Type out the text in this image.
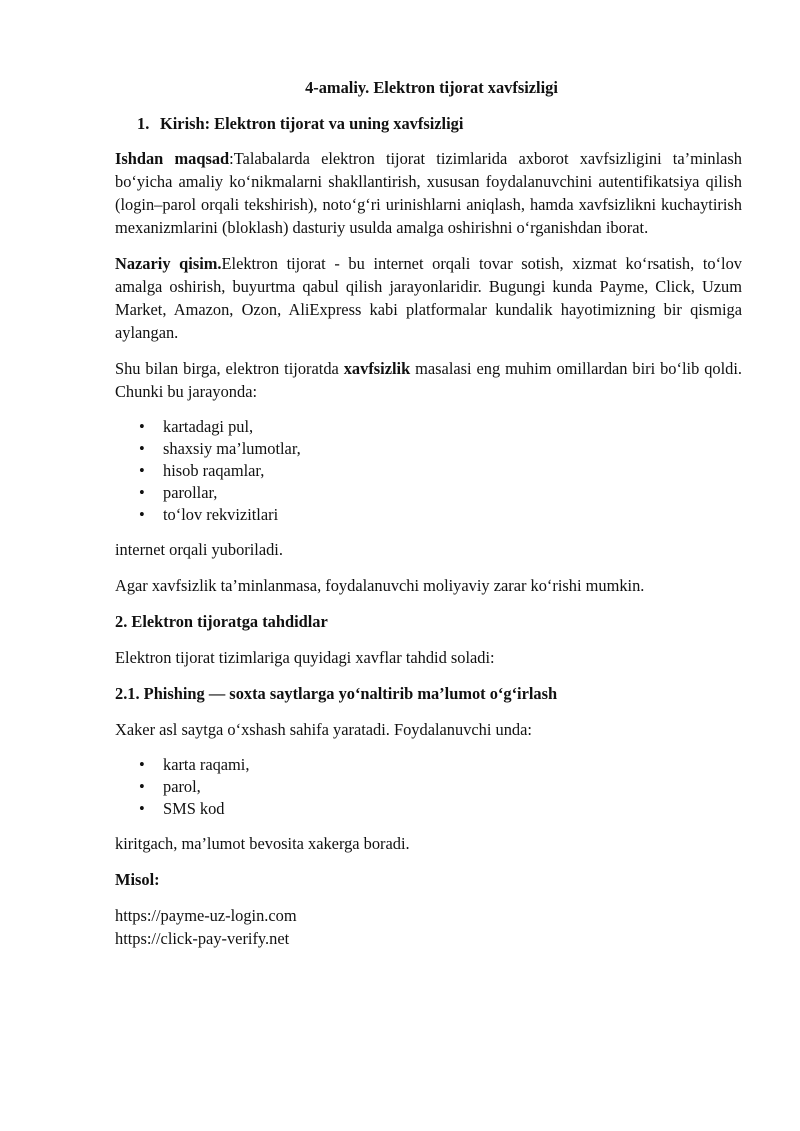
4-amaliy. Elektron tijorat xavfsizligi
1. Kirish: Elektron tijorat va uning xavfsizligi

Ishdan maqsad:Talabalarda elektron tijorat tizimlarida axborot xavfsizligini ta’minlash bo‘yicha amaliy ko‘nikmalarni shakllantirish, xususan foydalanuvchini autentifikatsiya qilish (login–parol orqali tekshirish), noto‘g‘ri urinishlarni aniqlash, hamda xavfsizlikni kuchaytirish mexanizmlarini (bloklash) dasturiy usulda amalga oshirishni o‘rganishdan iborat.

Nazariy qisim.Elektron tijorat - bu internet orqali tovar sotish, xizmat ko‘rsatish, to‘lov amalga oshirish, buyurtma qabul qilish jarayonlaridir. Bugungi kunda Payme, Click, Uzum Market, Amazon, Ozon, AliExpress kabi platformalar kundalik hayotimizning bir qismiga aylangan.

Shu bilan birga, elektron tijoratda xavfsizlik masalasi eng muhim omillardan biri bo‘lib qoldi. Chunki bu jarayonda:

• kartadagi pul,
• shaxsiy ma’lumotlar,
• hisob raqamlar,
• parollar,
• to‘lov rekvizitlari

internet orqali yuboriladi.

Agar xavfsizlik ta’minlanmasa, foydalanuvchi moliyaviy zarar ko‘rishi mumkin.

2. Elektron tijoratga tahdidlar

Elektron tijorat tizimlariga quyidagi xavflar tahdid soladi:

2.1. Phishing — soxta saytlarga yo‘naltirib ma’lumot o‘g‘irlash

Xaker asl saytga o‘xshash sahifa yaratadi. Foydalanuvchi unda:

• karta raqami,
• parol,
• SMS kod

kiritgach, ma’lumot bevosita xakerga boradi.

Misol:
https://payme-uz-login.com
https://click-pay-verify.net
